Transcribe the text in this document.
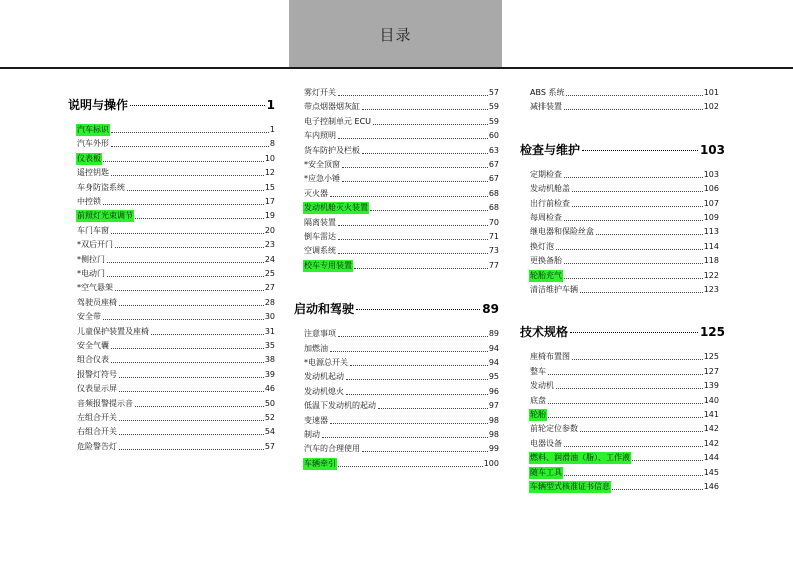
目录
说明与操作	1
汽车标识	1
汽车外形	8
仪表板	10
遥控钥匙	12
车身防盗系统	15
中控锁	17
前照灯光束调节	19
车门车窗	20
*双后开门	23
*侧拉门	24
*电动门	25
*空气悬架	27
驾驶员座椅	28
安全带	30
儿童保护装置及座椅	31
安全气囊	35
组合仪表	38
报警灯符号	39
仪表显示屏	46
音频报警提示音	50
左组合开关	52
右组合开关	54
危险警告灯	57
雾灯开关	57
带点烟器烟灰缸	59
电子控制单元 ECU	59
车内照明	60
货车防护及栏板	63
*安全顶窗	67
*应急小锤	67
灭火器	68
发动机舱灭火装置	68
隔离装置	70
倒车雷达	71
空调系统	73
校车专用装置	77
启动和驾驶	89
注意事项	89
加燃油	94
*电源总开关	94
发动机起动	95
发动机熄火	96
低温下发动机的起动	97
变速器	98
制动	98
汽车的合理使用	99
车辆牵引	100
ABS 系统	101
减排装置	102
检查与维护	103
定期检查	103
发动机舱盖	106
出行前检查	107
每周检查	109
继电器和保险丝盒	113
换灯泡	114
更换备胎	118
轮胎充气	122
清洁维护车辆	123
技术规格	125
座椅布置图	125
整车	127
发动机	139
底盘	140
轮胎	141
前轮定位参数	142
电器设备	142
燃料、润滑油（脂）、工作液	144
随车工具	145
车辆型式核准证书信息	146
